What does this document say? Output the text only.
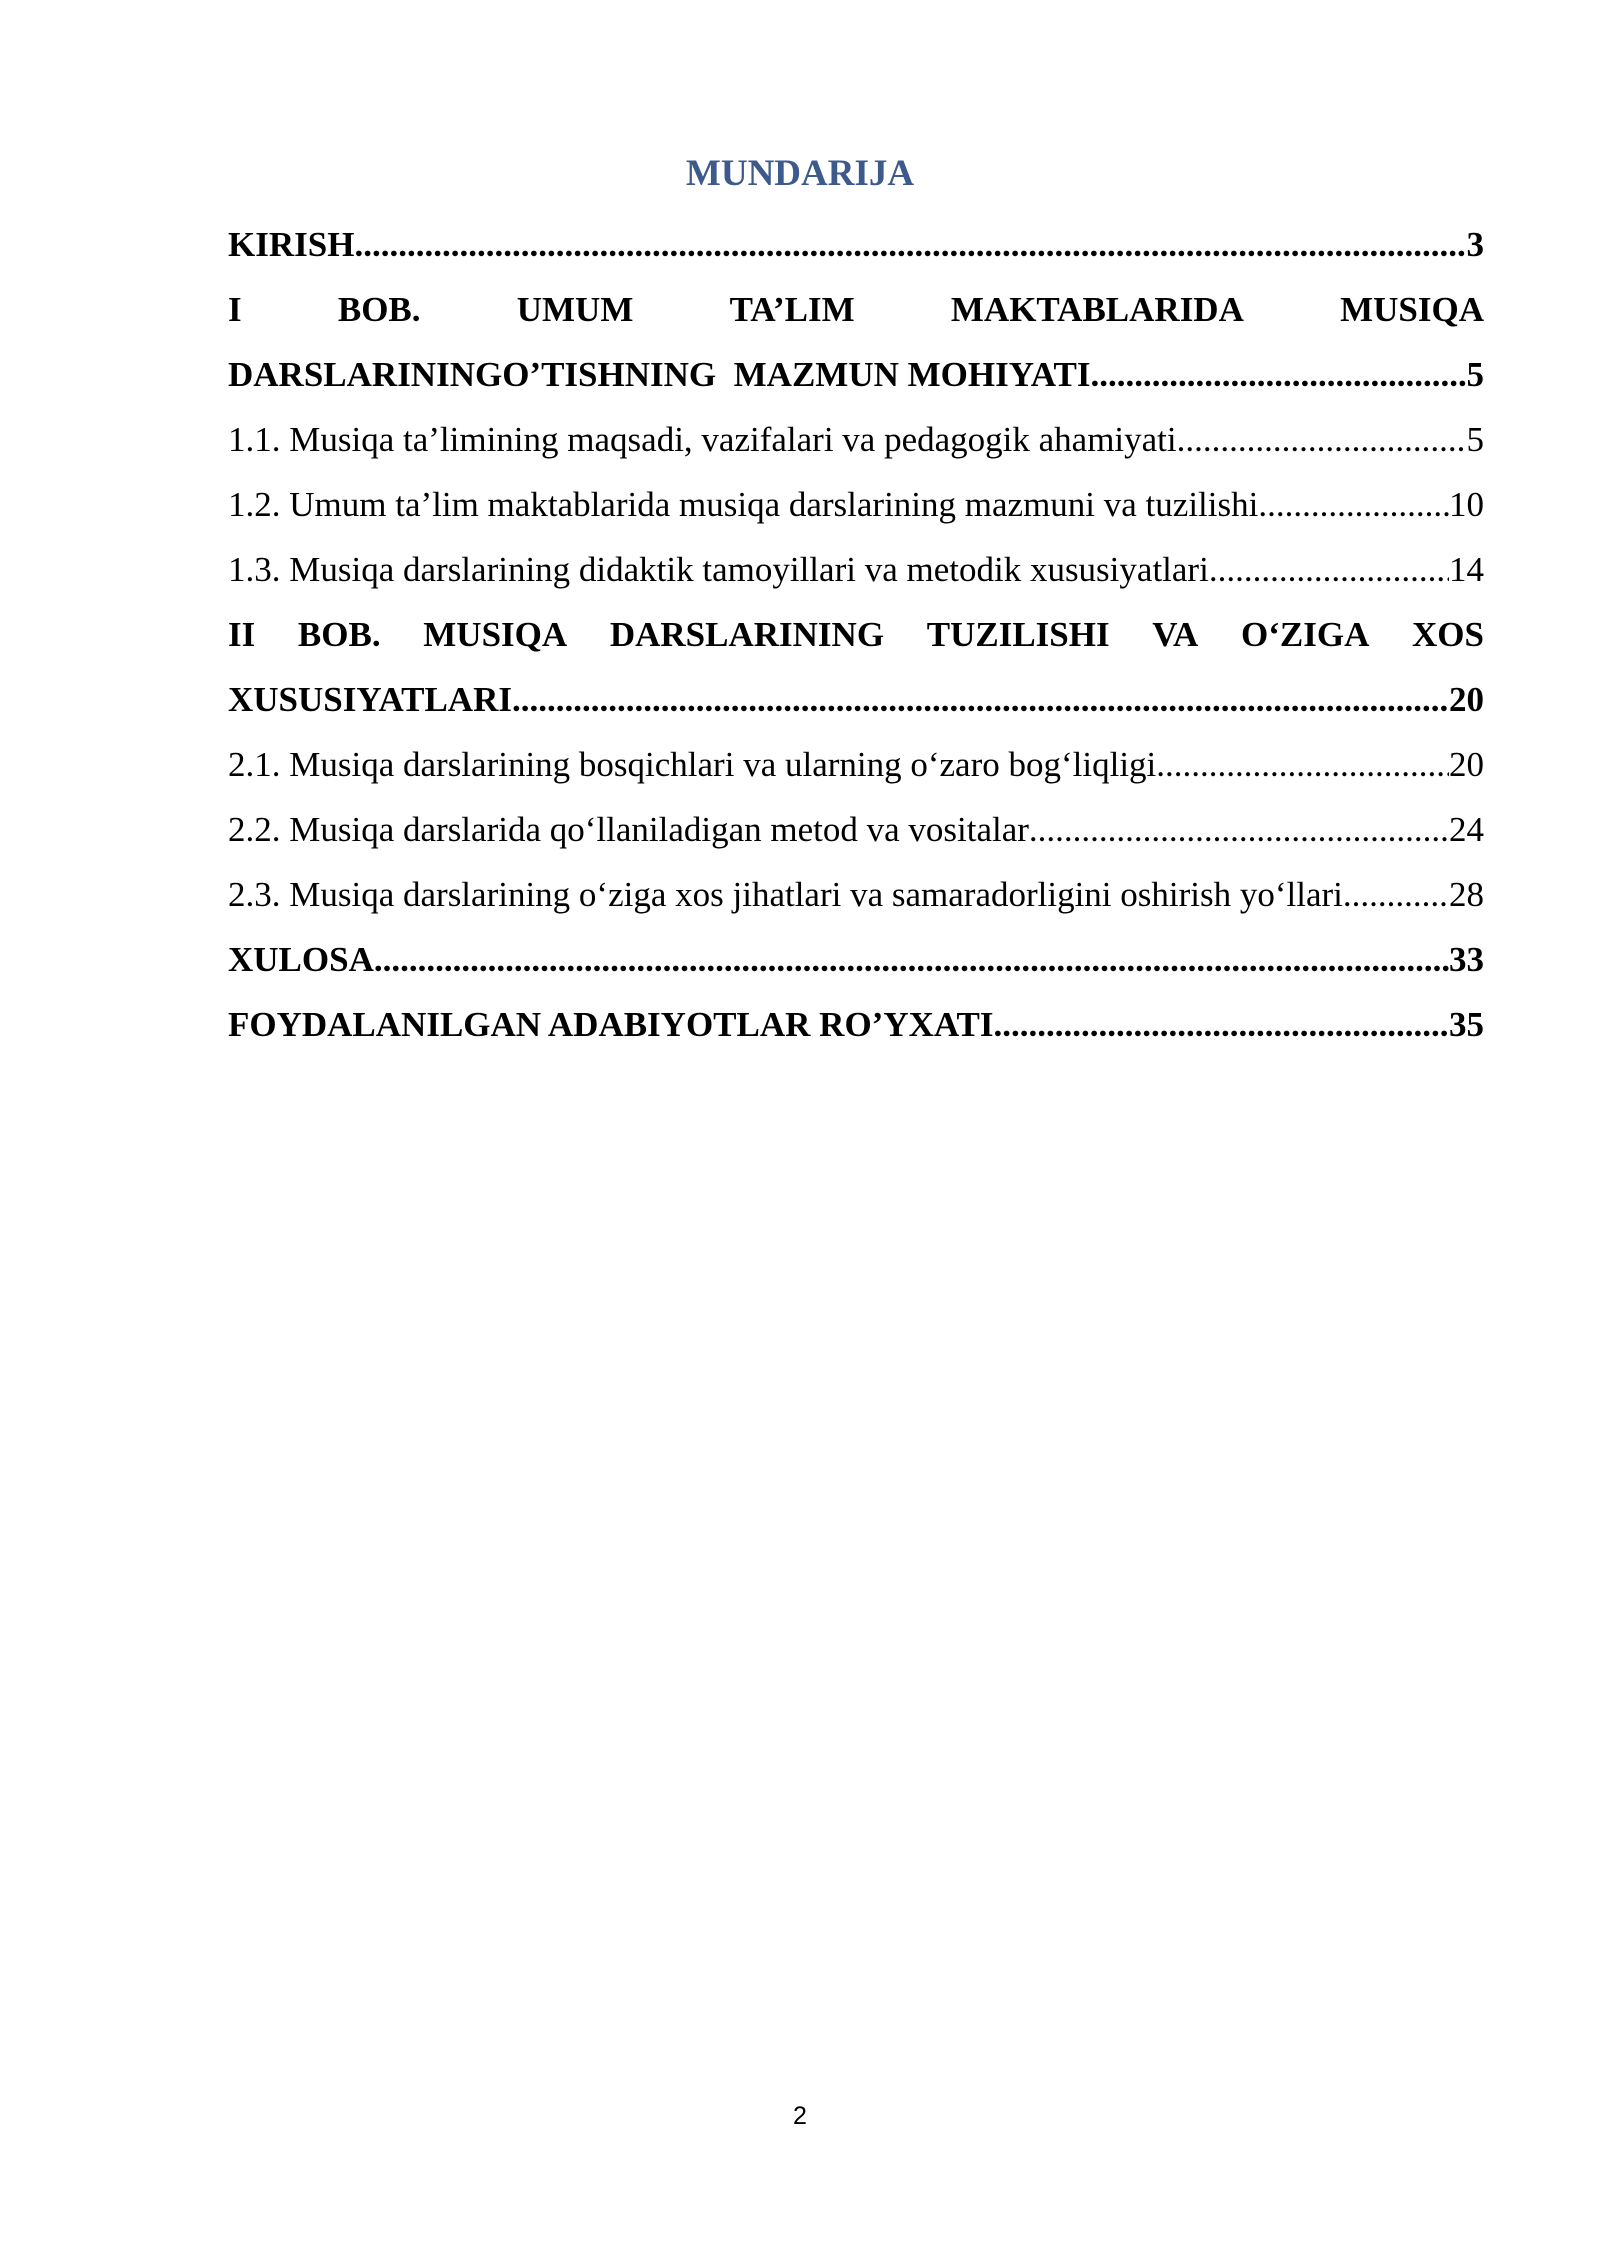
MUNDARIJA
KIRISH .....	3
I	BOB.	UMUM	TA’LIM	MAKTABLARIDA	MUSIQA
DARSLARININGO’TISHNING  MAZMUN MOHIYATI .....	5
1.1. Musiqa ta’limining maqsadi, vazifalari va pedagogik ahamiyati .....	5
1.2. Umum ta’lim maktablarida musiqa darslarining mazmuni va tuzilishi .....	10
1.3. Musiqa darslarining didaktik tamoyillari va metodik xususiyatlari .....	14
II BOB. MUSIQA DARSLARINING TUZILISHI VA O‘ZIGA XOS
XUSUSIYATLARI .....	20
2.1. Musiqa darslarining bosqichlari va ularning o‘zaro bog‘liqligi .....	20
2.2. Musiqa darslarida qo‘llaniladigan metod va vositalar .....	24
2.3. Musiqa darslarining o‘ziga xos jihatlari va samaradorligini oshirish yo‘llari .....	28
XULOSA .....	33
FOYDALANILGAN ADABIYOTLAR RO’YXATI .....	35
2
